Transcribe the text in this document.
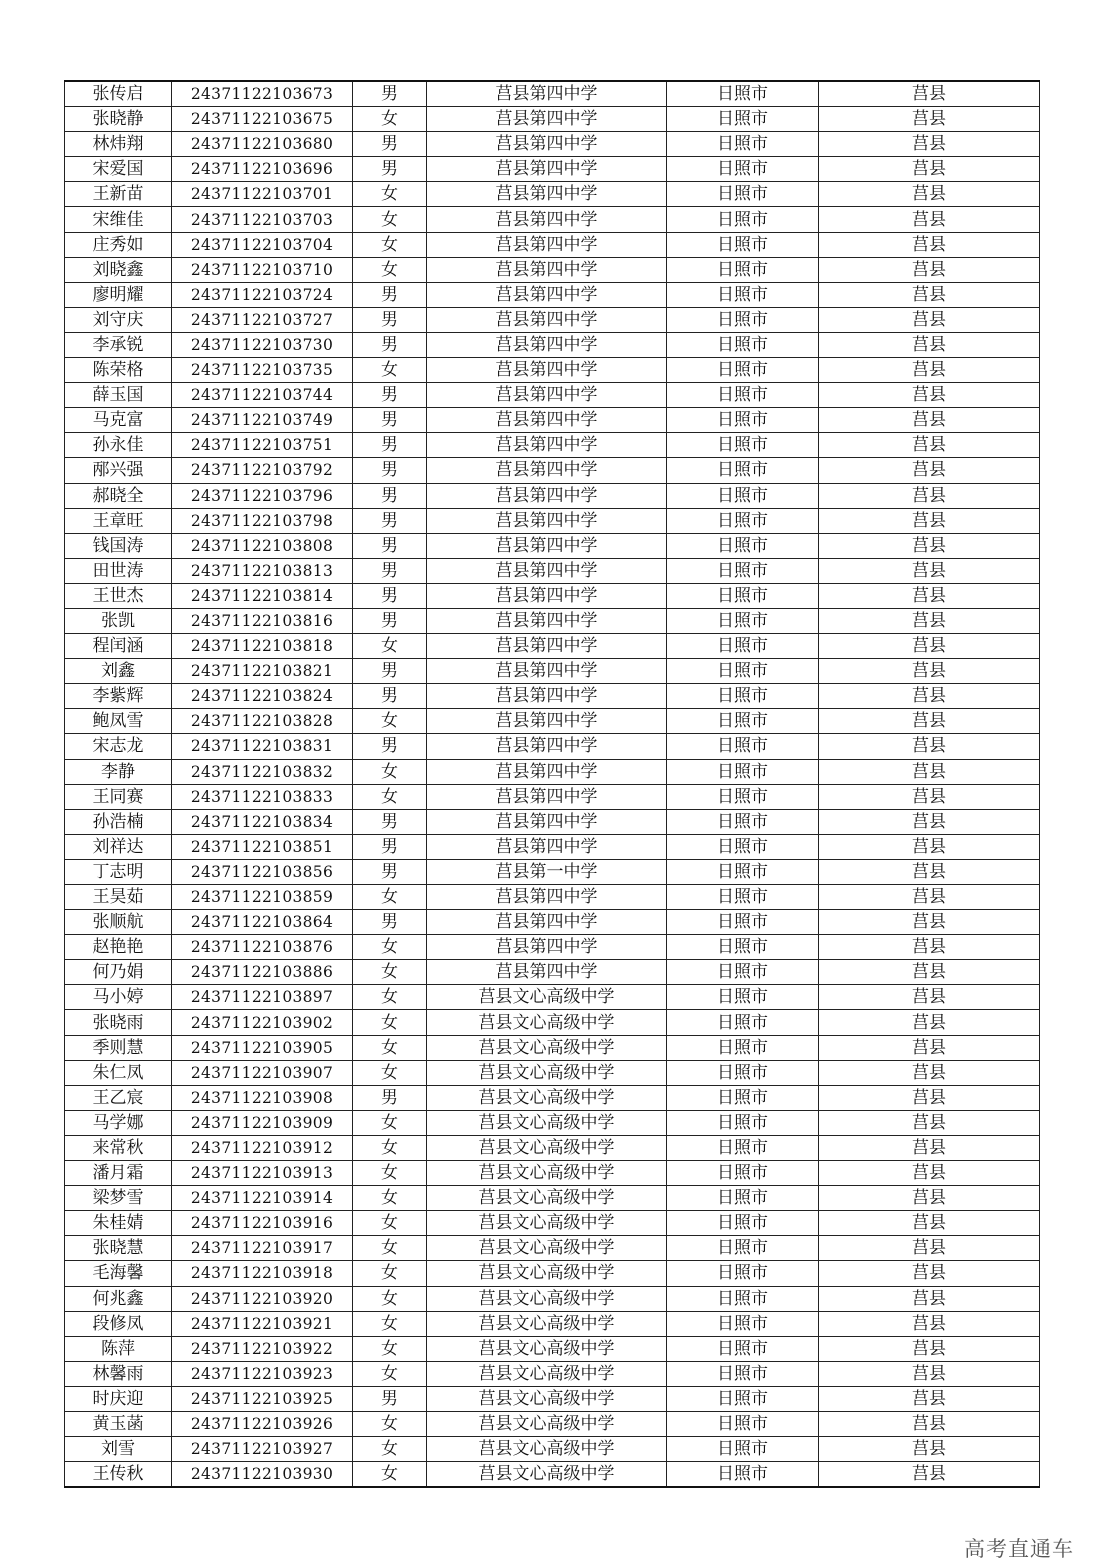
张传启	24371122103673	男	莒县第四中学	日照市	莒县
张晓静	24371122103675	女	莒县第四中学	日照市	莒县
林炜翔	24371122103680	男	莒县第四中学	日照市	莒县
宋爱国	24371122103696	男	莒县第四中学	日照市	莒县
王新苗	24371122103701	女	莒县第四中学	日照市	莒县
宋维佳	24371122103703	女	莒县第四中学	日照市	莒县
庄秀如	24371122103704	女	莒县第四中学	日照市	莒县
刘晓鑫	24371122103710	女	莒县第四中学	日照市	莒县
廖明耀	24371122103724	男	莒县第四中学	日照市	莒县
刘守庆	24371122103727	男	莒县第四中学	日照市	莒县
李承锐	24371122103730	男	莒县第四中学	日照市	莒县
陈荣格	24371122103735	女	莒县第四中学	日照市	莒县
薛玉国	24371122103744	男	莒县第四中学	日照市	莒县
马克富	24371122103749	男	莒县第四中学	日照市	莒县
孙永佳	24371122103751	男	莒县第四中学	日照市	莒县
邴兴强	24371122103792	男	莒县第四中学	日照市	莒县
郝晓全	24371122103796	男	莒县第四中学	日照市	莒县
王章旺	24371122103798	男	莒县第四中学	日照市	莒县
钱国涛	24371122103808	男	莒县第四中学	日照市	莒县
田世涛	24371122103813	男	莒县第四中学	日照市	莒县
王世杰	24371122103814	男	莒县第四中学	日照市	莒县
张凯	24371122103816	男	莒县第四中学	日照市	莒县
程闰涵	24371122103818	女	莒县第四中学	日照市	莒县
刘鑫	24371122103821	男	莒县第四中学	日照市	莒县
李紫辉	24371122103824	男	莒县第四中学	日照市	莒县
鲍凤雪	24371122103828	女	莒县第四中学	日照市	莒县
宋志龙	24371122103831	男	莒县第四中学	日照市	莒县
李静	24371122103832	女	莒县第四中学	日照市	莒县
王同赛	24371122103833	女	莒县第四中学	日照市	莒县
孙浩楠	24371122103834	男	莒县第四中学	日照市	莒县
刘祥达	24371122103851	男	莒县第四中学	日照市	莒县
丁志明	24371122103856	男	莒县第一中学	日照市	莒县
王昊茹	24371122103859	女	莒县第四中学	日照市	莒县
张顺航	24371122103864	男	莒县第四中学	日照市	莒县
赵艳艳	24371122103876	女	莒县第四中学	日照市	莒县
何乃娟	24371122103886	女	莒县第四中学	日照市	莒县
马小婷	24371122103897	女	莒县文心高级中学	日照市	莒县
张晓雨	24371122103902	女	莒县文心高级中学	日照市	莒县
季则慧	24371122103905	女	莒县文心高级中学	日照市	莒县
朱仁凤	24371122103907	女	莒县文心高级中学	日照市	莒县
王乙宸	24371122103908	男	莒县文心高级中学	日照市	莒县
马学娜	24371122103909	女	莒县文心高级中学	日照市	莒县
来常秋	24371122103912	女	莒县文心高级中学	日照市	莒县
潘月霜	24371122103913	女	莒县文心高级中学	日照市	莒县
梁梦雪	24371122103914	女	莒县文心高级中学	日照市	莒县
朱桂婧	24371122103916	女	莒县文心高级中学	日照市	莒县
张晓慧	24371122103917	女	莒县文心高级中学	日照市	莒县
毛海馨	24371122103918	女	莒县文心高级中学	日照市	莒县
何兆鑫	24371122103920	女	莒县文心高级中学	日照市	莒县
段修凤	24371122103921	女	莒县文心高级中学	日照市	莒县
陈萍	24371122103922	女	莒县文心高级中学	日照市	莒县
林馨雨	24371122103923	女	莒县文心高级中学	日照市	莒县
时庆迎	24371122103925	男	莒县文心高级中学	日照市	莒县
黄玉菡	24371122103926	女	莒县文心高级中学	日照市	莒县
刘雪	24371122103927	女	莒县文心高级中学	日照市	莒县
王传秋	24371122103930	女	莒县文心高级中学	日照市	莒县
高考直通车
